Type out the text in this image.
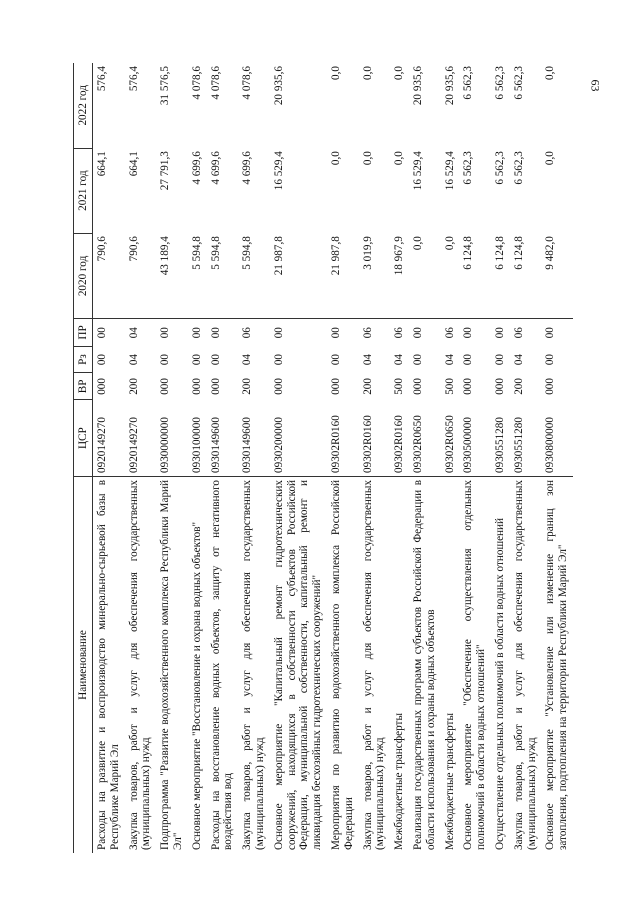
63
Наименование	ЦСР	ВР	Рз	ПР	2020 год	2021 год	2022 год
Расходы на развитие и воспроизводство минерально-сырьевой базы в Республике Марий Эл	0920149270	000	00	00	790,6	664,1	576,4
Закупка товаров, работ и услуг для обеспечения государственных (муниципальных) нужд	0920149270	200	04	04	790,6	664,1	576,4
Подпрограмма "Развитие водохозяйственного комплекса Республики Марий Эл"	0930000000	000	00	00	43 189,4	27 791,3	31 576,5
Основное мероприятие "Восстановление и охрана водных объектов"	0930100000	000	00	00	5 594,8	4 699,6	4 078,6
Расходы на восстановление водных объектов, защиту от негативного воздействия вод	0930149600	000	00	00	5 594,8	4 699,6	4 078,6
Закупка товаров, работ и услуг для обеспечения государственных (муниципальных) нужд	0930149600	200	04	06	5 594,8	4 699,6	4 078,6
Основное мероприятие "Капитальный ремонт гидротехнических сооружений, находящихся в собственности субъектов Российской Федерации, муниципальной собственности, капитальный ремонт и ликвидация бесхозяйных гидротехнических сооружений"	0930200000	000	00	00	21 987,8	16 529,4	20 935,6
Мероприятия по развитию водохозяйственного комплекса Российской Федерации	09302R0160	000	00	00	21 987,8	0,0	0,0
Закупка товаров, работ и услуг для обеспечения государственных (муниципальных) нужд	09302R0160	200	04	06	3 019,9	0,0	0,0
Межбюджетные трансферты	09302R0160	500	04	06	18 967,9	0,0	0,0
Реализация государственных программ субъектов Российской Федерации в области использования и охраны водных объектов	09302R0650	000	00	00	0,0	16 529,4	20 935,6
Межбюджетные трансферты	09302R0650	500	04	06	0,0	16 529,4	20 935,6
Основное мероприятие "Обеспечение осуществления отдельных полномочий в области водных отношений"	0930500000	000	00	00	6 124,8	6 562,3	6 562,3
Осуществление отдельных полномочий в области водных отношений	0930551280	000	00	00	6 124,8	6 562,3	6 562,3
Закупка товаров, работ и услуг для обеспечения государственных (муниципальных) нужд	0930551280	200	04	06	6 124,8	6 562,3	6 562,3
Основное мероприятие "Установление или изменение границ зон затопления, подтопления на территории Республики Марий Эл"	0930800000	000	00	00	9 482,0	0,0	0,0
